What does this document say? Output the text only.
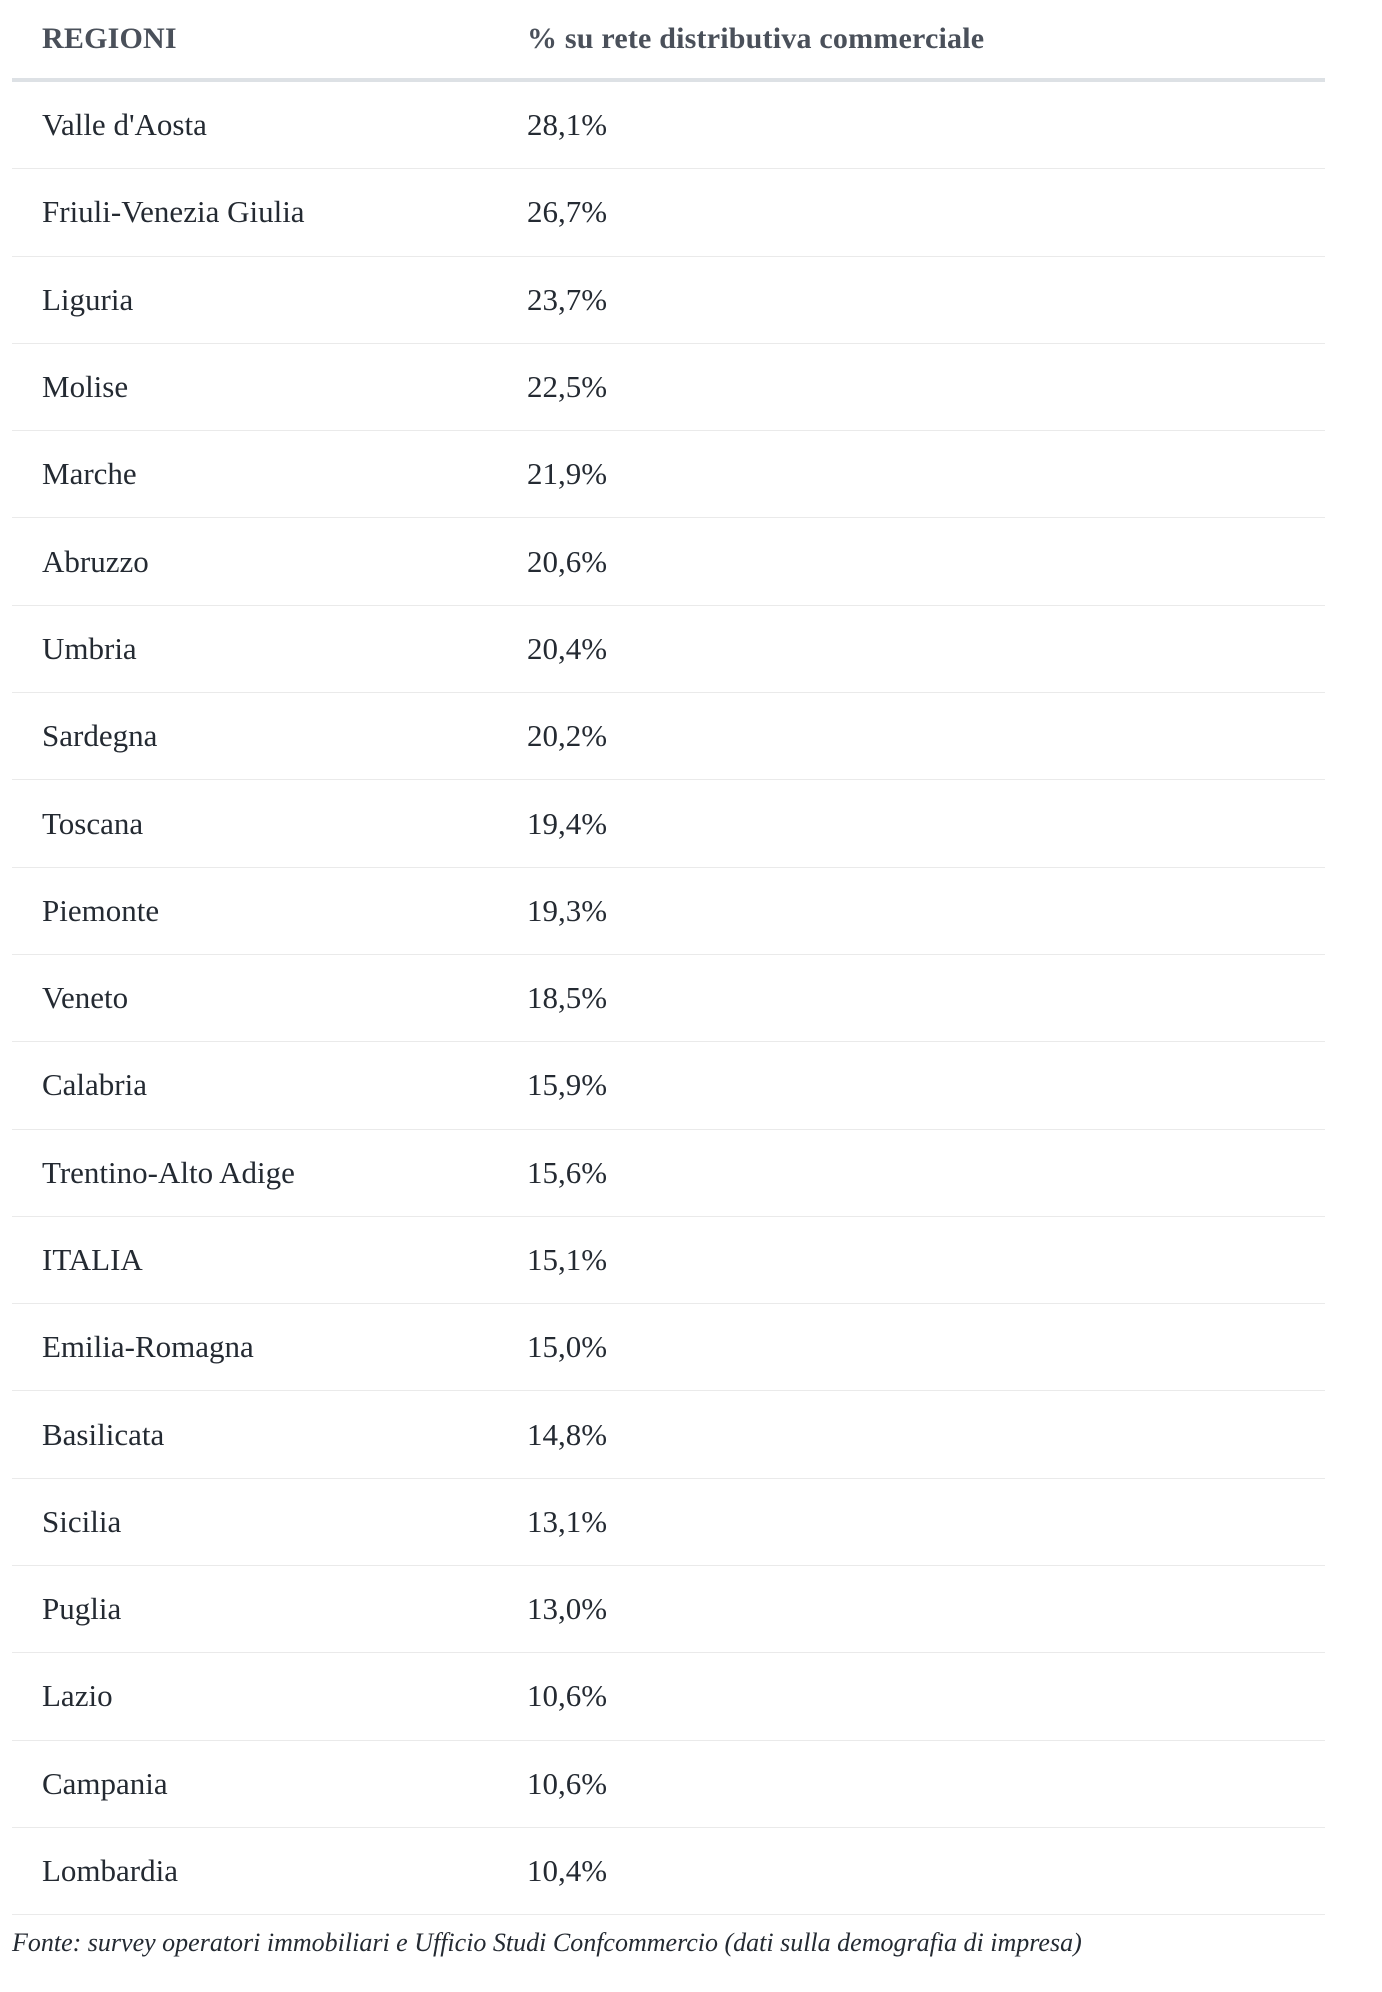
REGIONI	% su rete distributiva commerciale
Valle d'Aosta	28,1%
Friuli-Venezia Giulia	26,7%
Liguria	23,7%
Molise	22,5%
Marche	21,9%
Abruzzo	20,6%
Umbria	20,4%
Sardegna	20,2%
Toscana	19,4%
Piemonte	19,3%
Veneto	18,5%
Calabria	15,9%
Trentino-Alto Adige	15,6%
ITALIA	15,1%
Emilia-Romagna	15,0%
Basilicata	14,8%
Sicilia	13,1%
Puglia	13,0%
Lazio	10,6%
Campania	10,6%
Lombardia	10,4%
Fonte: survey operatori immobiliari e Ufficio Studi Confcommercio (dati sulla demografia di impresa)
